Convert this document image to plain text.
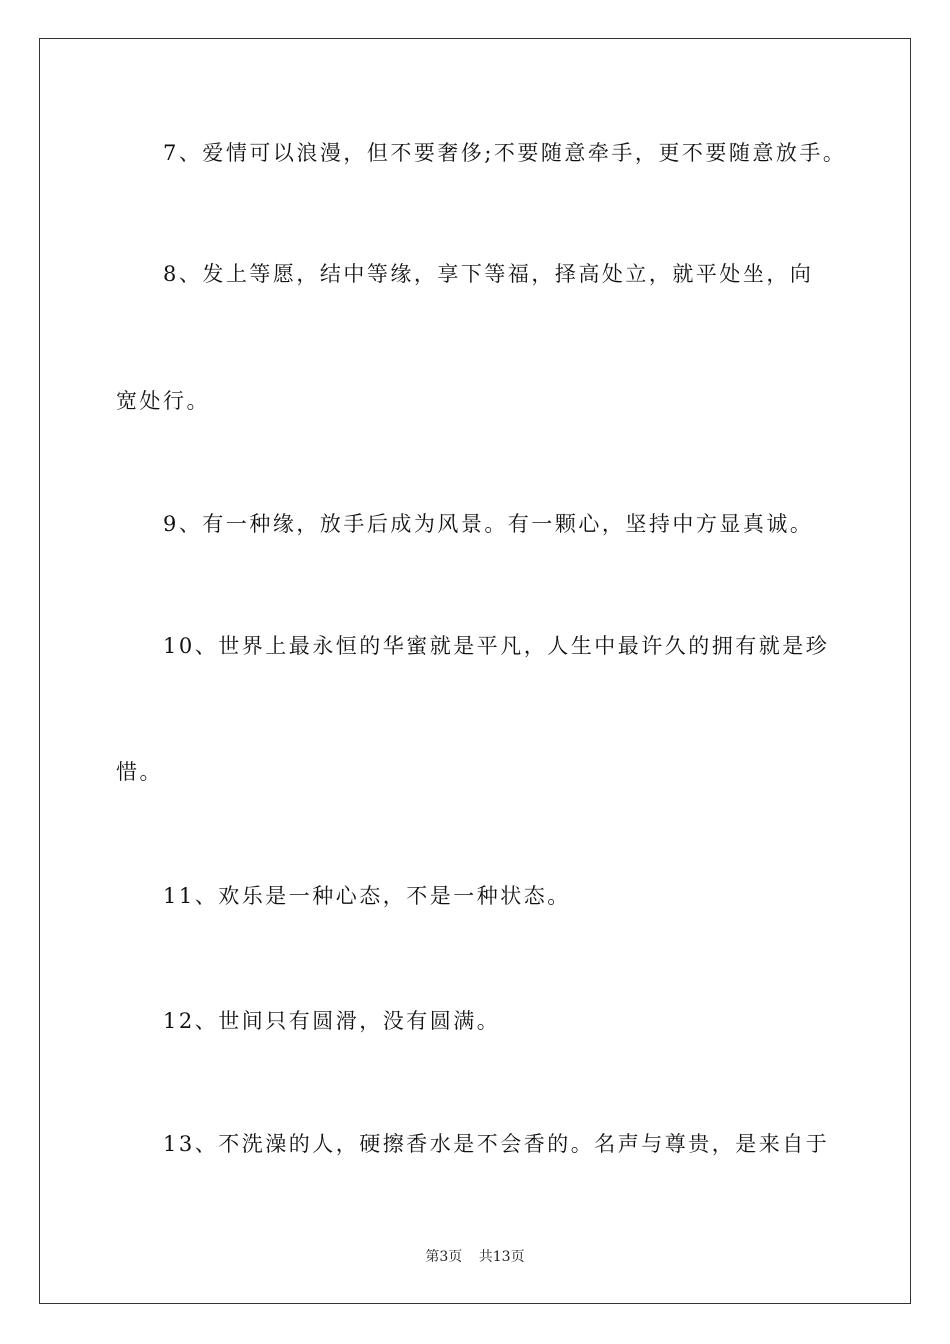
7、爱情可以浪漫，但不要奢侈;不要随意牵手，更不要随意放手。
8、发上等愿，结中等缘，享下等福，择高处立，就平处坐，向
宽处行。
9、有一种缘，放手后成为风景。有一颗心，坚持中方显真诚。
10、世界上最永恒的华蜜就是平凡，人生中最许久的拥有就是珍
惜。
11、欢乐是一种心态，不是一种状态。
12、世间只有圆滑，没有圆满。
13、不洗澡的人，硬擦香水是不会香的。名声与尊贵，是来自于
第3页 共13页
